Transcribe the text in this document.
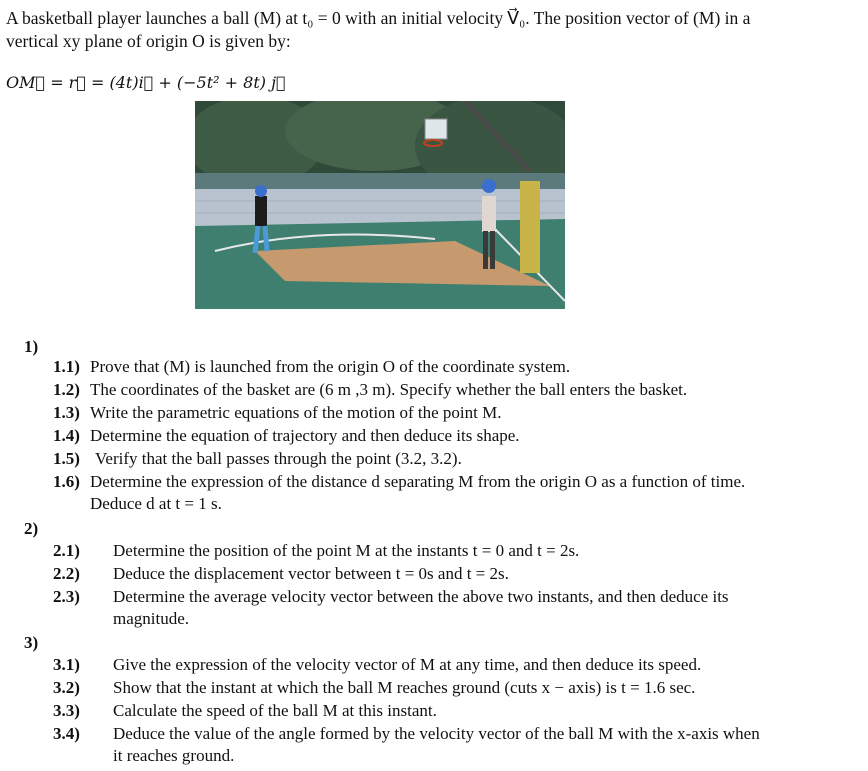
A basketball player launches a ball (M) at t₀ = 0 with an initial velocity V⃗₀. The position vector of (M) in a
vertical xy plane of origin O is given by:
OM⃗ = r⃗ = (4t)i⃗ + (−5t² + 8t) j⃗
1)
1.1) Prove that (M) is launched from the origin O of the coordinate system.
1.2) The coordinates of the basket are (6 m ,3 m). Specify whether the ball enters the basket.
1.3) Write the parametric equations of the motion of the point M.
1.4) Determine the equation of trajectory and then deduce its shape.
1.5) Verify that the ball passes through the point (3.2, 3.2).
1.6) Determine the expression of the distance d separating M from the origin O as a function of time.
Deduce d at t = 1 s.
2)
2.1) Determine the position of the point M at the instants t = 0 and t = 2s.
2.2) Deduce the displacement vector between t = 0s and t = 2s.
2.3) Determine the average velocity vector between the above two instants, and then deduce its
magnitude.
3)
3.1) Give the expression of the velocity vector of M at any time, and then deduce its speed.
3.2) Show that the instant at which the ball M reaches ground (cuts x − axis) is t = 1.6 sec.
3.3) Calculate the speed of the ball M at this instant.
3.4) Deduce the value of the angle formed by the velocity vector of the ball M with the x-axis when
it reaches ground.
